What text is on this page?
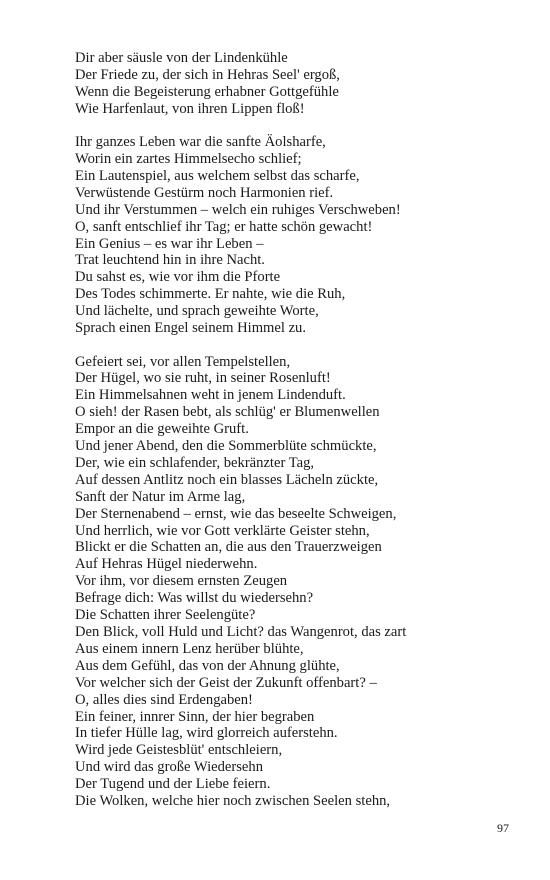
Dir aber säusle von der Lindenkühle
Der Friede zu, der sich in Hehras Seel' ergoß,
Wenn die Begeisterung erhabner Gottgefühle
Wie Harfenlaut, von ihren Lippen floß!
Ihr ganzes Leben war die sanfte Äolsharfe,
Worin ein zartes Himmelsecho schlief;
Ein Lautenspiel, aus welchem selbst das scharfe,
Verwüstende Gestürm noch Harmonien rief.
Und ihr Verstummen – welch ein ruhiges Verschweben!
O, sanft entschlief ihr Tag; er hatte schön gewacht!
Ein Genius – es war ihr Leben –
Trat leuchtend hin in ihre Nacht.
Du sahst es, wie vor ihm die Pforte
Des Todes schimmerte. Er nahte, wie die Ruh,
Und lächelte, und sprach geweihte Worte,
Sprach einen Engel seinem Himmel zu.
Gefeiert sei, vor allen Tempelstellen,
Der Hügel, wo sie ruht, in seiner Rosenluft!
Ein Himmelsahnen weht in jenem Lindenduft.
O sieh! der Rasen bebt, als schlüg' er Blumenwellen
Empor an die geweihte Gruft.
Und jener Abend, den die Sommerblüte schmückte,
Der, wie ein schlafender, bekränzter Tag,
Auf dessen Antlitz noch ein blasses Lächeln zückte,
Sanft der Natur im Arme lag,
Der Sternenabend – ernst, wie das beseelte Schweigen,
Und herrlich, wie vor Gott verklärte Geister stehn,
Blickt er die Schatten an, die aus den Trauerzweigen
Auf Hehras Hügel niederwehn.
Vor ihm, vor diesem ernsten Zeugen
Befrage dich: Was willst du wiedersehn?
Die Schatten ihrer Seelengüte?
Den Blick, voll Huld und Licht? das Wangenrot, das zart
Aus einem innern Lenz herüber blühte,
Aus dem Gefühl, das von der Ahnung glühte,
Vor welcher sich der Geist der Zukunft offenbart? –
O, alles dies sind Erdengaben!
Ein feiner, innrer Sinn, der hier begraben
In tiefer Hülle lag, wird glorreich auferstehn.
Wird jede Geistesblüt' entschleiern,
Und wird das große Wiedersehn
Der Tugend und der Liebe feiern.
Die Wolken, welche hier noch zwischen Seelen stehn,
97
